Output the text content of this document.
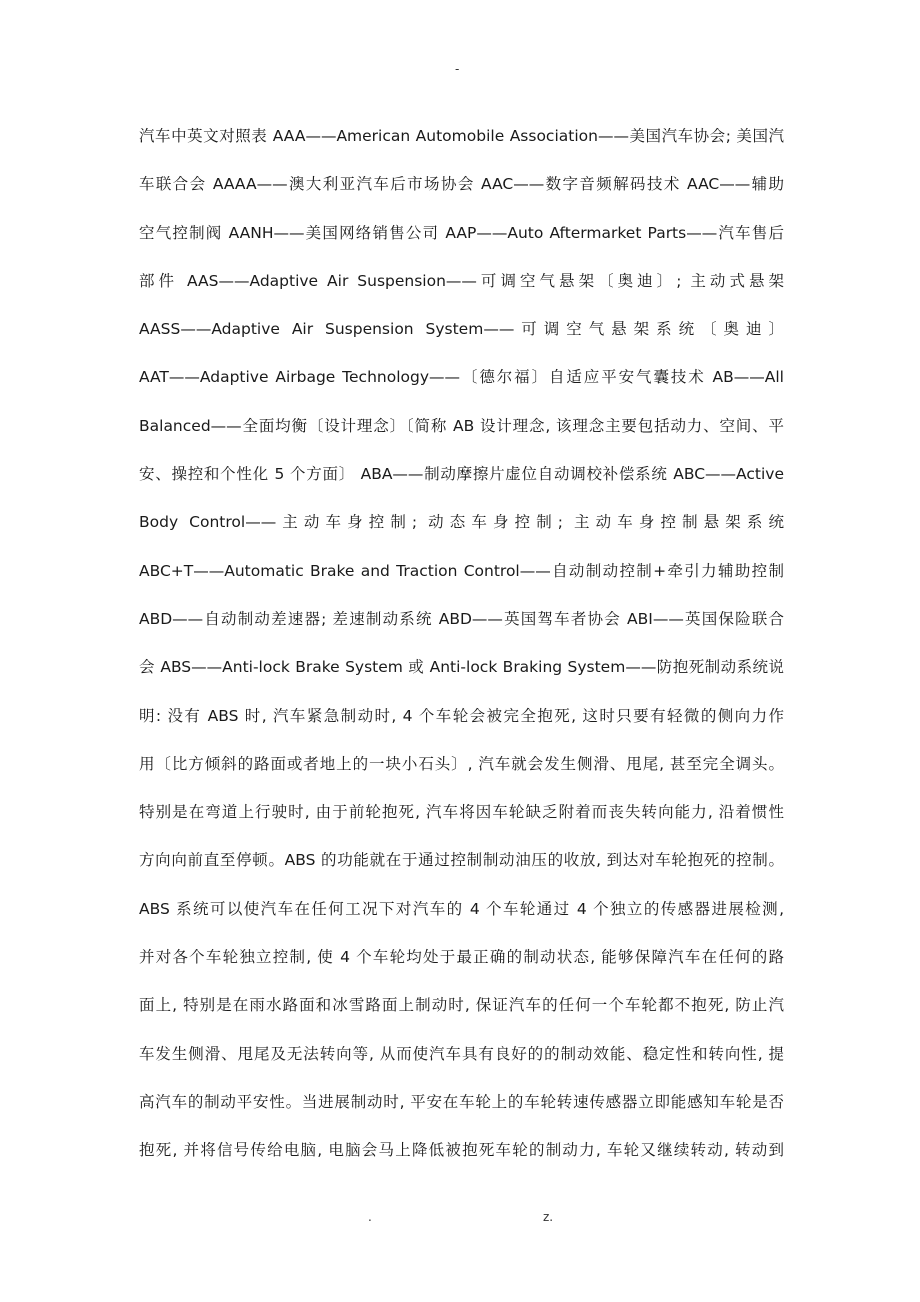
-
汽车中英文对照表 AAA——American Automobile Association——美国汽车协会; 美国汽
车联合会 AAAA——澳大利亚汽车后市场协会 AAC——数字音频解码技术 AAC——辅助
空气控制阀 AANH——美国网络销售公司 AAP——Auto Aftermarket Parts——汽车售后
部件 AAS——Adaptive Air Suspension——可调空气悬架〔奥迪〕; 主动式悬架
AASS——Adaptive Air Suspension System——可调空气悬架系统〔奥迪〕
AAT——Adaptive Airbage Technology——〔德尔福〕自适应平安气囊技术 AB——All
Balanced——全面均衡〔设计理念〕〔简称 AB 设计理念, 该理念主要包括动力、空间、平
安、操控和个性化 5 个方面〕 ABA——制动摩擦片虚位自动调校补偿系统 ABC——Active
Body Control——主动车身控制; 动态车身控制; 主动车身控制悬架系统
ABC+T——Automatic Brake and Traction Control——自动制动控制+牵引力辅助控制
ABD——自动制动差速器; 差速制动系统 ABD——英国驾车者协会 ABI——英国保险联合
会 ABS——Anti-lock Brake System 或 Anti-lock Braking System——防抱死制动系统说
明: 没有 ABS 时, 汽车紧急制动时, 4 个车轮会被完全抱死, 这时只要有轻微的侧向力作
用〔比方倾斜的路面或者地上的一块小石头〕, 汽车就会发生侧滑、甩尾, 甚至完全调头。
特别是在弯道上行驶时, 由于前轮抱死, 汽车将因车轮缺乏附着而丧失转向能力, 沿着惯性
方向向前直至停顿。ABS 的功能就在于通过控制制动油压的收放, 到达对车轮抱死的控制。
ABS 系统可以使汽车在任何工况下对汽车的 4 个车轮通过 4 个独立的传感器进展检测,
并对各个车轮独立控制, 使 4 个车轮均处于最正确的制动状态, 能够保障汽车在任何的路
面上, 特别是在雨水路面和冰雪路面上制动时, 保证汽车的任何一个车轮都不抱死, 防止汽
车发生侧滑、甩尾及无法转向等, 从而使汽车具有良好的的制动效能、稳定性和转向性, 提
高汽车的制动平安性。当进展制动时, 平安在车轮上的车轮转速传感器立即能感知车轮是否
抱死, 并将信号传给电脑, 电脑会马上降低被抱死车轮的制动力, 车轮又继续转动, 转动到
.	z.
